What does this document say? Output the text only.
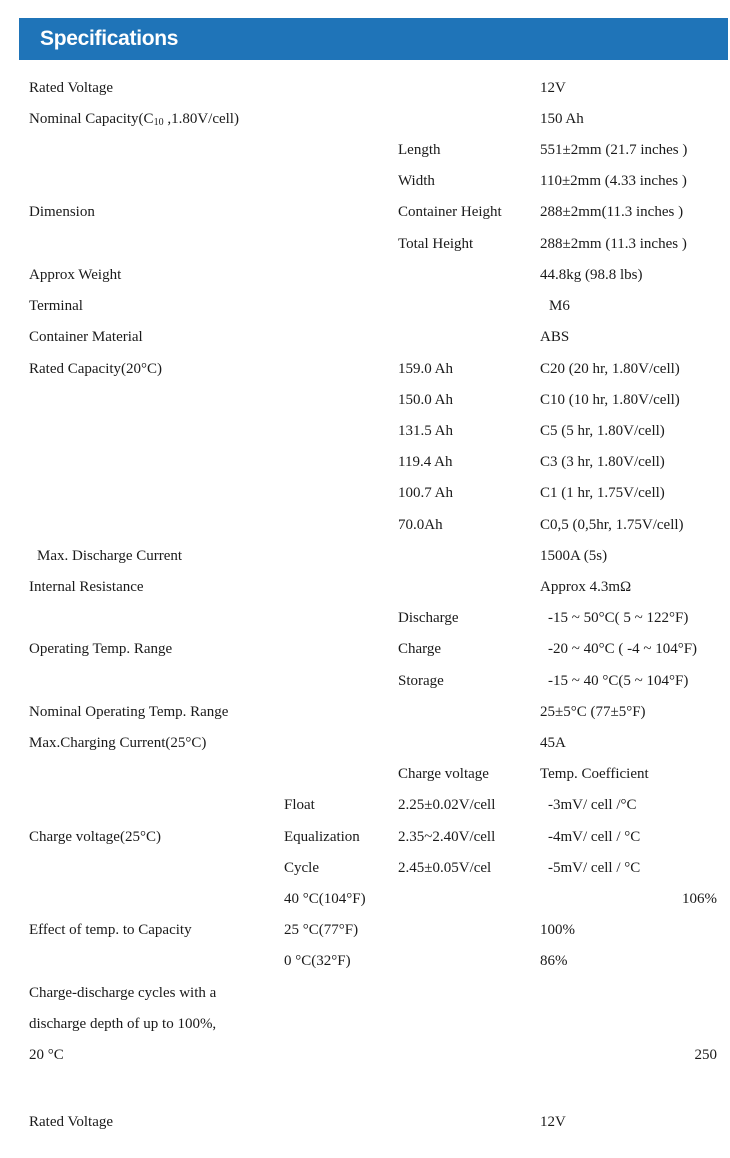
Specifications
Rated Voltage	12V
Nominal $Capacity(C_{10}$ ,1.80V/cell)	150 Ah
Length	551±2mm (21.7 inches )
Width	110±2mm (4.33 inches )
Dimension	Container Height	288±2mm(11.3 inches )
Total Height	288±2mm (11.3 inches )
Approx Weight	44.8kg (98.8 lbs)
Terminal	M6
Container Material	ABS
Rated Capacity(20°C)	159.0 Ah	C20 (20 hr, 1.80V/cell)
150.0 Ah	C10 (10 hr, 1.80V/cell)
131.5 Ah	C5 (5 hr, 1.80V/cell)
119.4 Ah	C3 (3 hr, 1.80V/cell)
100.7 Ah	C1 (1 hr, 1.75V/cell)
70.0Ah	C0,5 (0,5hr, 1.75V/cell)
Max. Discharge Current	1500A (5s)
Internal Resistance	Approx 4.3mΩ
Discharge	-15 ~ 50°C( 5 ~ 122°F)
Operating Temp. Range	Charge	-20 ~ 40°C ( -4 ~ 104°F)
Storage	-15 ~ 40 °C(5 ~ 104°F)
Nominal Operating Temp. Range	25±5°C (77±5°F)
Max.Charging Current(25°C)	45A
Charge voltage	Temp. Coefficient
Float	2.25±0.02V/cell	-3mV/ cell /°C
Charge voltage(25°C)	Equalization	2.35~2.40V/cell	-4mV/ cell / °C
Cycle	2.45±0.05V/cel	-5mV/ cell / °C
40 °C(104°F)	106%
Effect of temp. to Capacity	25 °C(77°F)	100%
0 °C(32°F)	86%
Charge-discharge cycles with a
discharge depth of up to 100%,
20 °C	250
Rated Voltage	12V
